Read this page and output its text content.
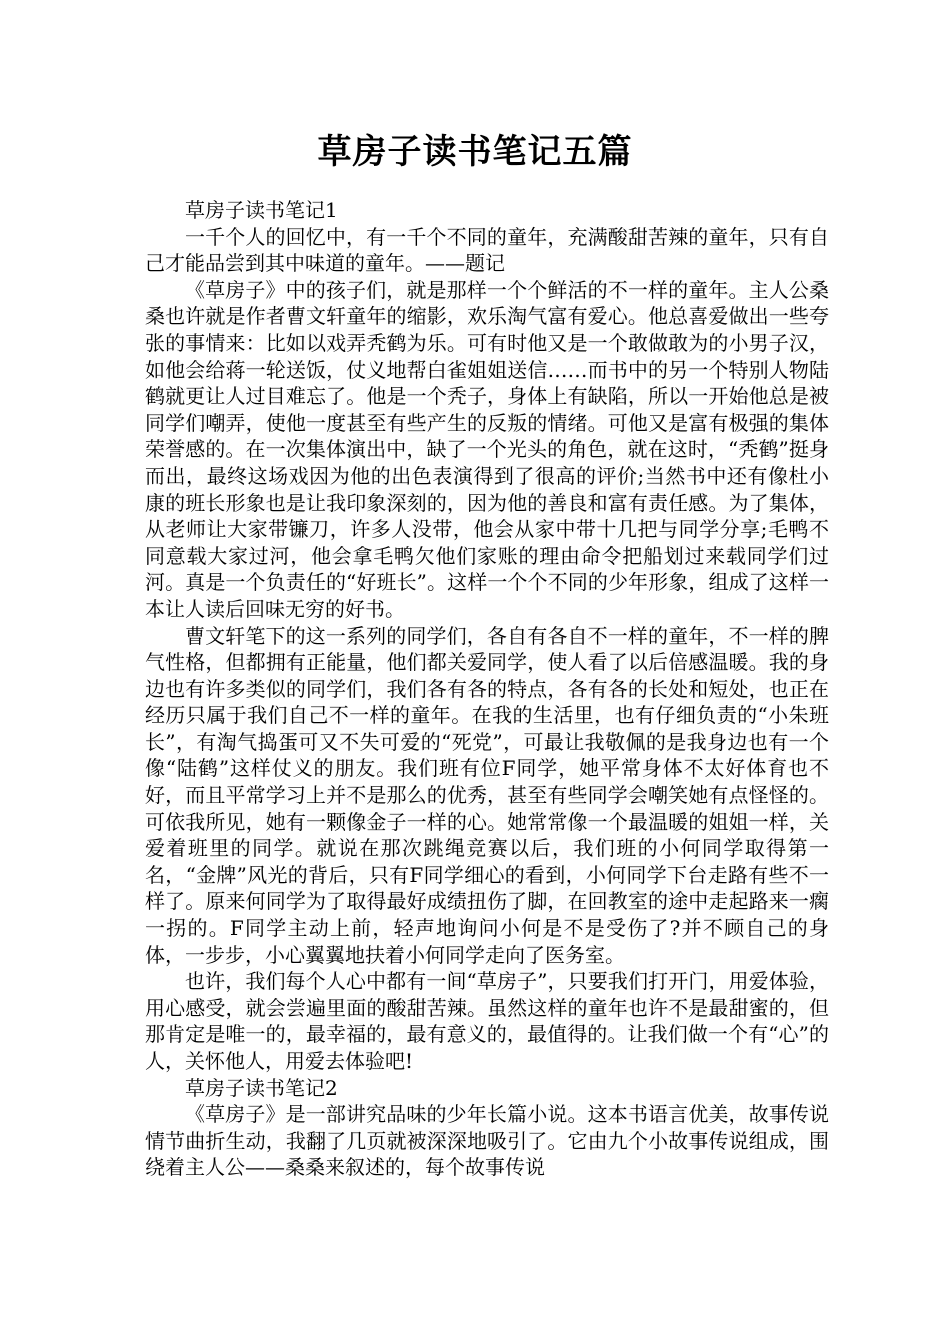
草房子读书笔记五篇

草房子读书笔记1

一千个人的回忆中，有一千个不同的童年，充满酸甜苦辣的童年，只有自己才能品尝到其中味道的童年。——题记

《草房子》中的孩子们，就是那样一个个鲜活的不一样的童年。主人公桑桑也许就是作者曹文轩童年的缩影，欢乐淘气富有爱心。他总喜爱做出一些夸张的事情来：比如以戏弄秃鹤为乐。可有时他又是一个敢做敢为的小男子汉，如他会给蒋一轮送饭，仗义地帮白雀姐姐送信……而书中的另一个特别人物陆鹤就更让人过目难忘了。他是一个秃子，身体上有缺陷，所以一开始他总是被同学们嘲弄，使他一度甚至有些产生的反叛的情绪。可他又是富有极强的集体荣誉感的。在一次集体演出中，缺了一个光头的角色，就在这时，“秃鹤”挺身而出，最终这场戏因为他的出色表演得到了很高的评价;当然书中还有像杜小康的班长形象也是让我印象深刻的，因为他的善良和富有责任感。为了集体，从老师让大家带镰刀，许多人没带，他会从家中带十几把与同学分享;毛鸭不同意载大家过河，他会拿毛鸭欠他们家账的理由命令把船划过来载同学们过河。真是一个负责任的“好班长”。这样一个个不同的少年形象，组成了这样一本让人读后回味无穷的好书。

曹文轩笔下的这一系列的同学们，各自有各自不一样的童年，不一样的脾气性格，但都拥有正能量，他们都关爱同学，使人看了以后倍感温暖。我的身边也有许多类似的同学们，我们各有各的特点，各有各的长处和短处，也正在经历只属于我们自己不一样的童年。在我的生活里，也有仔细负责的“小朱班长”，有淘气捣蛋可又不失可爱的“死党”，可最让我敬佩的是我身边也有一个像“陆鹤”这样仗义的朋友。我们班有位F同学，她平常身体不太好体育也不好，而且平常学习上并不是那么的优秀，甚至有些同学会嘲笑她有点怪怪的。可依我所见，她有一颗像金子一样的心。她常常像一个最温暖的姐姐一样，关爱着班里的同学。就说在那次跳绳竞赛以后，我们班的小何同学取得第一名，“金牌”风光的背后，只有F同学细心的看到，小何同学下台走路有些不一样了。原来何同学为了取得最好成绩扭伤了脚，在回教室的途中走起路来一瘸一拐的。F同学主动上前，轻声地询问小何是不是受伤了?并不顾自己的身体，一步步，小心翼翼地扶着小何同学走向了医务室。

也许，我们每个人心中都有一间“草房子”，只要我们打开门，用爱体验，用心感受，就会尝遍里面的酸甜苦辣。虽然这样的童年也许不是最甜蜜的，但那肯定是唯一的，最幸福的，最有意义的，最值得的。让我们做一个有“心”的人，关怀他人，用爱去体验吧!

草房子读书笔记2

《草房子》是一部讲究品味的少年长篇小说。这本书语言优美，故事传说情节曲折生动，我翻了几页就被深深地吸引了。它由九个小故事传说组成，围绕着主人公——桑桑来叙述的，每个故事传说
